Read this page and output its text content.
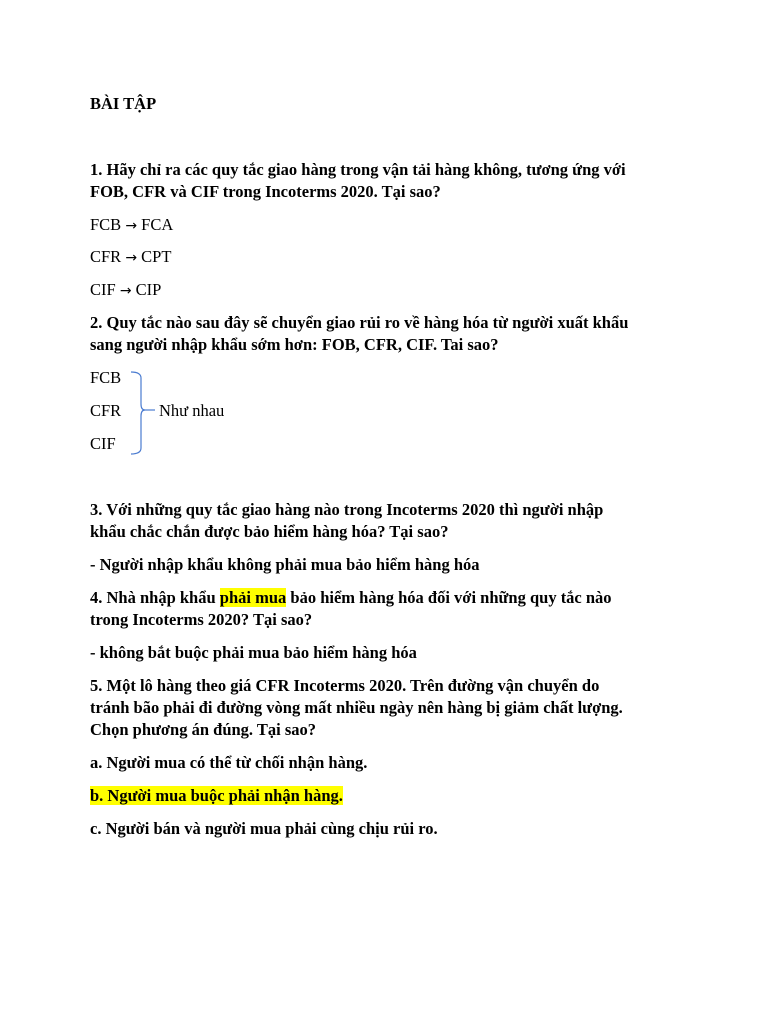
BÀI TẬP
1. Hãy chỉ ra các quy tắc giao hàng trong vận tải hàng không, tương ứng với
FOB, CFR và CIF trong Incoterms 2020. Tại sao?
FCB → FCA
CFR → CPT
CIF → CIP
2. Quy tắc nào sau đây sẽ chuyển giao rủi ro về hàng hóa từ người xuất khẩu
sang người nhập khẩu sớm hơn: FOB, CFR, CIF. Tai sao?
FCB
CFR
CIF
Như nhau
3. Với những quy tắc giao hàng nào trong Incoterms 2020 thì người nhập
khẩu chắc chắn được bảo hiểm hàng hóa? Tại sao?
- Người nhập khẩu không phải mua bảo hiểm hàng hóa
4. Nhà nhập khẩu phải mua bảo hiểm hàng hóa đối với những quy tắc nào
trong Incoterms 2020? Tại sao?
- không bắt buộc phải mua bảo hiểm hàng hóa
5. Một lô hàng theo giá CFR Incoterms 2020. Trên đường vận chuyển do
tránh bão phải đi đường vòng mất nhiều ngày nên hàng bị giảm chất lượng.
Chọn phương án đúng. Tại sao?
a. Người mua có thể từ chối nhận hàng.
b. Người mua buộc phải nhận hàng.
c. Người bán và người mua phải cùng chịu rủi ro.
